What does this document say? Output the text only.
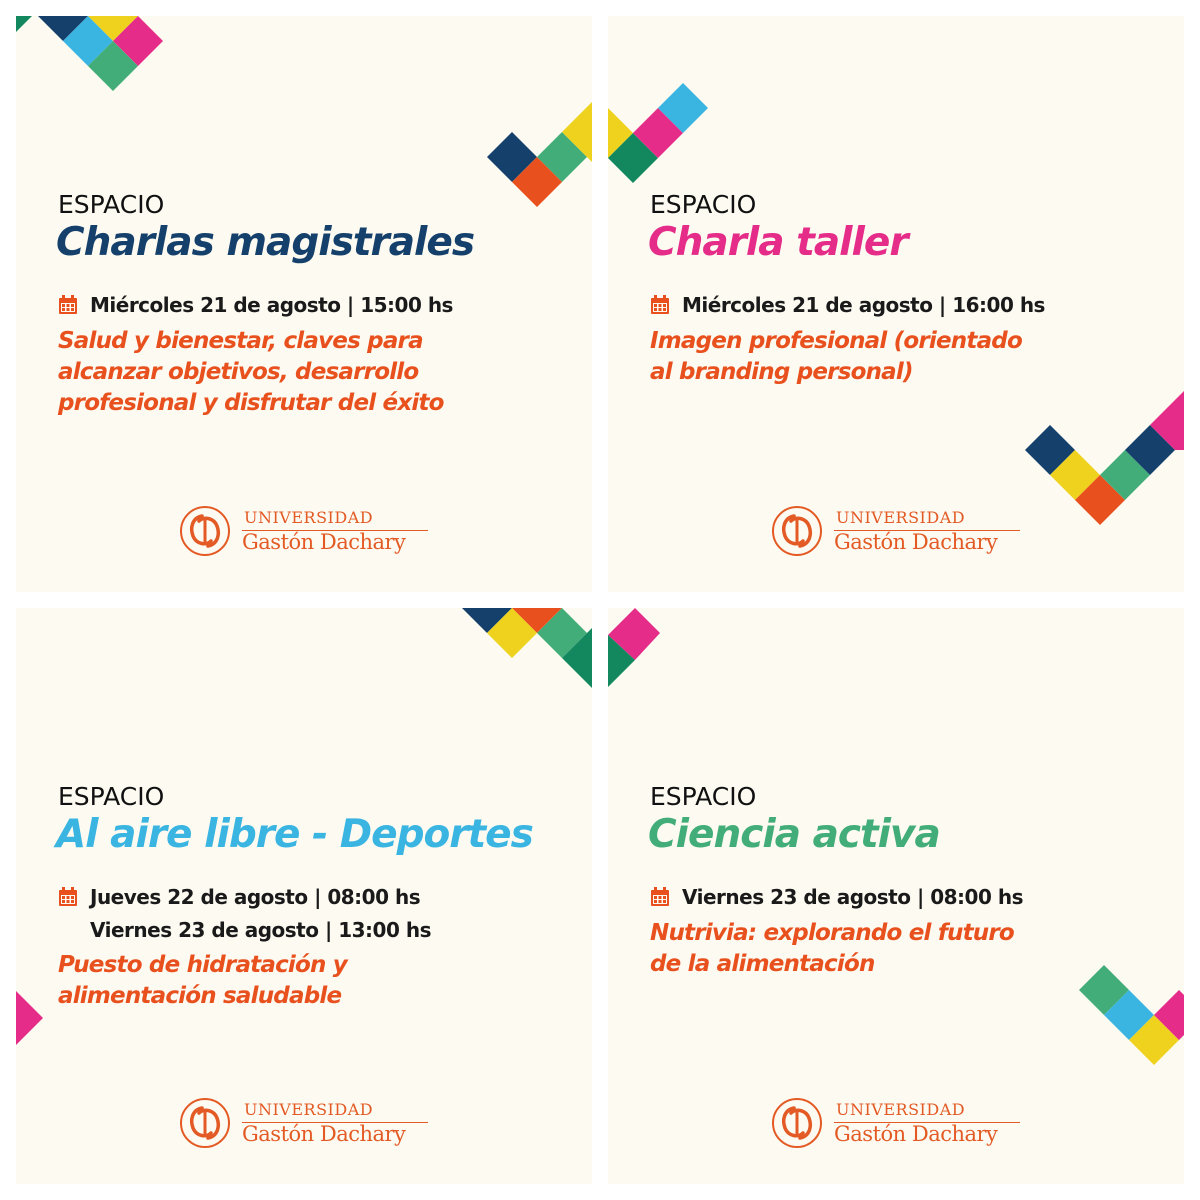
ESPACIO

Charlas magistrales

Miércoles 21 de agosto | 15:00 hs

Salud y bienestar, claves para
alcanzar objetivos, desarrollo
profesional y disfrutar del éxito

UNIVERSIDAD
Gastón Dachary

ESPACIO

Charla taller

Miércoles 21 de agosto | 16:00 hs

Imagen profesional (orientado
al branding personal)

UNIVERSIDAD
Gastón Dachary

ESPACIO

Al aire libre - Deportes

Jueves 22 de agosto | 08:00 hs
Viernes 23 de agosto | 13:00 hs

Puesto de hidratación y
alimentación saludable

UNIVERSIDAD
Gastón Dachary

ESPACIO

Ciencia activa

Viernes 23 de agosto | 08:00 hs

Nutrivia: explorando el futuro
de la alimentación

UNIVERSIDAD
Gastón Dachary
